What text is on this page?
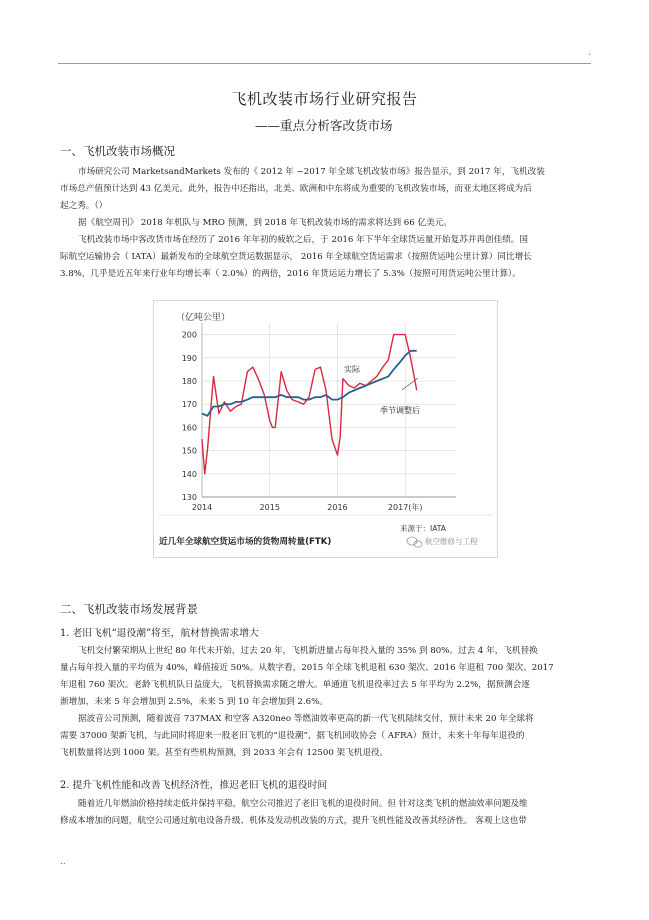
.
飞机改装市场行业研究报告
——重点分析客改货市场
一、飞机改装市场概况

市场研究公司 MarketsandMarkets 发布的《 2012 年 ~2017 年全球飞机改装市场》报告显示，到 2017 年，飞机改装

市场总产值预计达到 43 亿美元。此外，报告中还指出，北美、欧洲和中东将成为重要的飞机改装市场，而亚太地区将成为后

起之秀。（）

据《航空周刊》 2018 年机队与 MRO 预测，到 2018 年飞机改装市场的需求将达到 66 亿美元。

飞机改装市场中客改货市场在经历了 2016 年年初的疲软之后，于 2016 年下半年全球货运量开始复苏并再创佳绩。国

际航空运输协会（ IATA）最新发布的全球航空货运数据显示， 2016 年全球航空货运需求（按照货运吨公里计算）同比增长

3.8%，几乎是近五年来行业年均增长率（ 2.0%）的两倍，2016 年货运运力增长了 5.3%（按照可用货运吨公里计算）。

（亿吨公里）
130
140
150
160
170
180
190
200
2014	2015	2016	2017(年)
实际
季节调整后
近几年全球航空货运市场的货物周转量(FTK)
来源于：IATA
航空维修与工程
二、飞机改装市场发展背景
1. 老旧飞机“退役潮”将至，航材替换需求增大

飞机交付繁荣期从上世纪 80 年代末开始，过去 20 年，飞机新进量占每年投入量的 35% 到 80%。过去 4 年，飞机替换

量占每年投入量的平均值为 40%，峰值接近 50%。从数字看，2015 年全球飞机退租 630 架次、2016 年退租 700 架次、2017

年退租 760 架次。老龄飞机机队日益庞大，飞机替换需求随之增大。单通道飞机退役率过去 5 年平均为 2.2%，据预测会逐

渐增加，未来 5 年会增加到 2.5%，未来 5 到 10 年会增加到 2.6%。

据波音公司预测，随着波音 737MAX 和空客 A320neo 等燃油效率更高的新一代飞机陆续交付，预计未来 20 年全球将

需要 37000 架新飞机，与此同时将迎来一股老旧飞机的“退役潮”，据飞机回收协会（ AFRA）预计，未来十年每年退役的

飞机数量将达到 1000 架。甚至有些机构预测，到 2033 年会有 12500 架飞机退役。

2. 提升飞机性能和改善飞机经济性，推迟老旧飞机的退役时间

随着近几年燃油价格持续走低并保持平稳，航空公司推迟了老旧飞机的退役时间。但 针对这类飞机的燃油效率问题及维

修成本增加的问题，航空公司通过航电设备升级、机体及发动机改装的方式，提升飞机性能及改善其经济性。 客观上这也带

..
